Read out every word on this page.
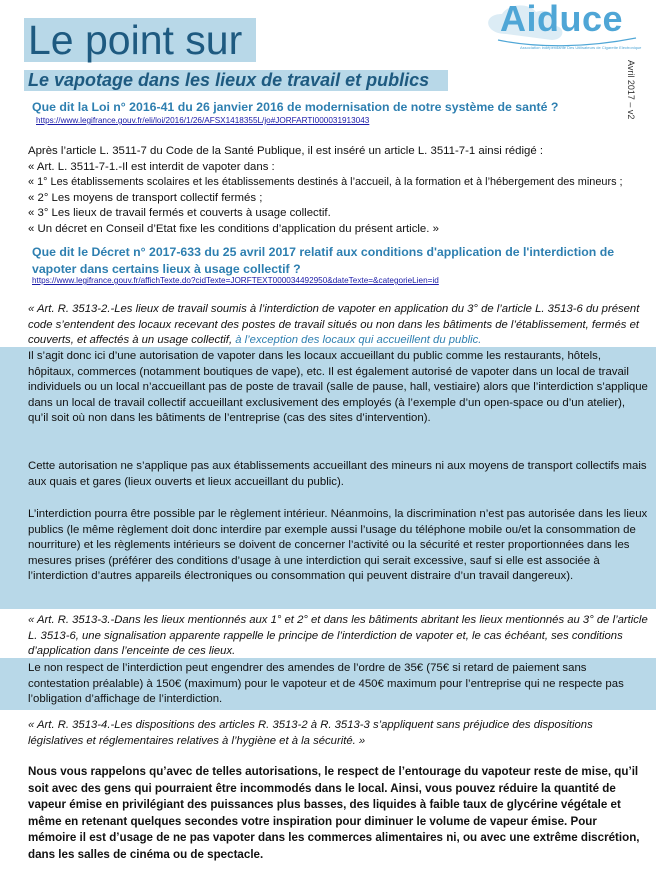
Le point sur
Le vapotage dans les lieux de travail et publics
Aiduce
Association Indépendante Des Utilisateurs de Cigarette Electronique
Avril 2017 – v2
Que dit la Loi n° 2016-41 du 26 janvier 2016 de modernisation de notre système de santé ?
https://www.legifrance.gouv.fr/eli/loi/2016/1/26/AFSX1418355L/jo#JORFARTI000031913043
Après l’article L. 3511-7 du Code de la Santé Publique, il est inséré un article L. 3511-7-1 ainsi rédigé :
« Art. L. 3511-7-1.-Il est interdit de vapoter dans :
« 1° Les établissements scolaires et les établissements destinés à l’accueil, à la formation et à l’hébergement des mineurs ;
« 2° Les moyens de transport collectif fermés ;
« 3° Les lieux de travail fermés et couverts à usage collectif.
« Un décret en Conseil d’Etat fixe les conditions d’application du présent article. »
Que dit le Décret n° 2017-633 du 25 avril 2017 relatif aux conditions d'application de l'interdiction de vapoter dans certains lieux à usage collectif ?
https://www.legifrance.gouv.fr/affichTexte.do?cidTexte=JORFTEXT000034492950&dateTexte=&categorieLien=id
« Art. R. 3513-2.-Les lieux de travail soumis à l’interdiction de vapoter en application du 3° de l’article L. 3513-6 du présent code s’entendent des locaux recevant des postes de travail situés ou non dans les bâtiments de l’établissement, fermés et couverts, et affectés à un usage collectif, à l’exception des locaux qui accueillent du public.
Il s’agit donc ici d’une autorisation de vapoter dans les locaux accueillant du public comme les restaurants, hôtels, hôpitaux, commerces (notamment boutiques de vape), etc. Il est également autorisé de vapoter dans un local de travail individuels ou un local n’accueillant pas de poste de travail (salle de pause, hall, vestiaire) alors que l’interdiction s’applique dans un local de travail collectif accueillant exclusivement des employés (à l’exemple d’un open-space ou d’un atelier), qu’il soit où non dans les bâtiments de l’entreprise (cas des sites d’intervention).
Cette autorisation ne s’applique pas aux établissements accueillant des mineurs ni aux moyens de transport collectifs mais aux quais et gares (lieux ouverts et lieux accueillant du public).
L’interdiction pourra être possible par le règlement intérieur. Néanmoins, la discrimination n’est pas autorisée dans les lieux publics (le même règlement doit donc interdire par exemple aussi l’usage du téléphone mobile ou/et la consommation de nourriture) et les règlements intérieurs se doivent de concerner l’activité ou la sécurité et rester proportionnées dans les mesures prises (préférer des conditions d’usage à une interdiction qui serait excessive, sauf si elle est associée à l’interdiction d’autres appareils électroniques ou consommation qui peuvent distraire d’un travail dangereux).
« Art. R. 3513-3.-Dans les lieux mentionnés aux 1° et 2° et dans les bâtiments abritant les lieux mentionnés au 3° de l’article L. 3513-6, une signalisation apparente rappelle le principe de l’interdiction de vapoter et, le cas échéant, ses conditions d’application dans l’enceinte de ces lieux.
Le non respect de l’interdiction peut engendrer des amendes de l’ordre de 35€ (75€ si retard de paiement sans contestation préalable) à 150€ (maximum) pour le vapoteur et de 450€ maximum pour l’entreprise qui ne respecte pas l’obligation d’affichage de l’interdiction.
« Art. R. 3513-4.-Les dispositions des articles R. 3513-2 à R. 3513-3 s’appliquent sans préjudice des dispositions législatives et réglementaires relatives à l’hygiène et à la sécurité. »
Nous vous rappelons qu’avec de telles autorisations, le respect de l’entourage du vapoteur reste de mise, qu’il soit avec des gens qui pourraient être incommodés dans le local. Ainsi, vous pouvez réduire la quantité de vapeur émise en privilégiant des puissances plus basses, des liquides à faible taux de glycérine végétale et même en retenant quelques secondes votre inspiration pour diminuer le volume de vapeur émise. Pour mémoire il est d’usage de ne pas vapoter dans les commerces alimentaires ni, ou avec une extrême discrétion, dans les salles de cinéma ou de spectacle.
